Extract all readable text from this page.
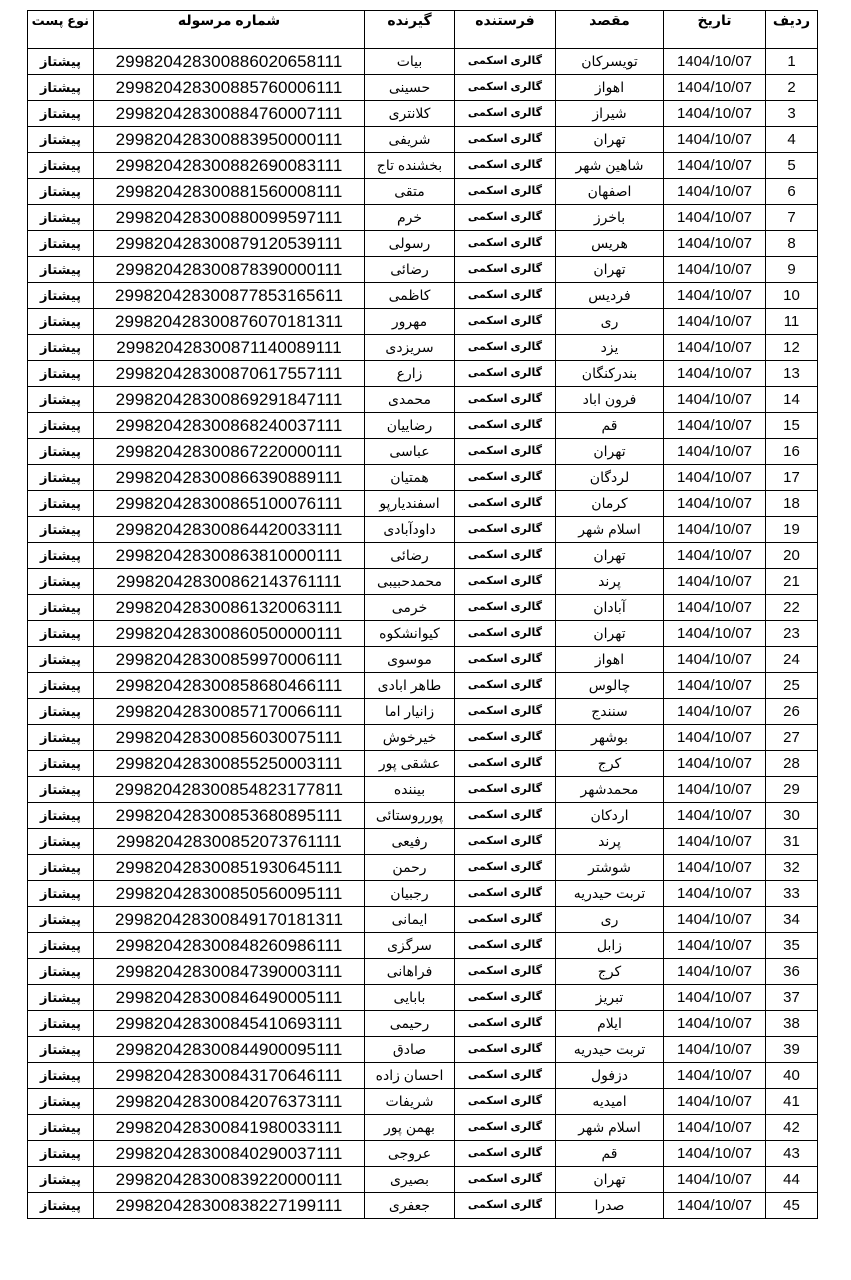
ردیف	تاریخ	مقصد	فرستنده	گیرنده	شماره مرسوله	نوع پست
1	1404/10/07	تویسرکان	گالری اسکمی	بیات	299820428300886020658111	پیشتاز
2	1404/10/07	اهواز	گالری اسکمی	حسینی	299820428300885760006111	پیشتاز
3	1404/10/07	شیراز	گالری اسکمی	کلانتری	299820428300884760007111	پیشتاز
4	1404/10/07	تهران	گالری اسکمی	شریفی	299820428300883950000111	پیشتاز
5	1404/10/07	شاهین شهر	گالری اسکمی	بخشنده تاج	299820428300882690083111	پیشتاز
6	1404/10/07	اصفهان	گالری اسکمی	متقی	299820428300881560008111	پیشتاز
7	1404/10/07	باخرز	گالری اسکمی	خرم	299820428300880099597111	پیشتاز
8	1404/10/07	هریس	گالری اسکمی	رسولی	299820428300879120539111	پیشتاز
9	1404/10/07	تهران	گالری اسکمی	رضائی	299820428300878390000111	پیشتاز
10	1404/10/07	فردیس	گالری اسکمی	کاظمی	299820428300877853165611	پیشتاز
11	1404/10/07	ری	گالری اسکمی	مهرور	299820428300876070181311	پیشتاز
12	1404/10/07	یزد	گالری اسکمی	سریزدی	299820428300871140089111	پیشتاز
13	1404/10/07	بندرکنگان	گالری اسکمی	زارع	299820428300870617557111	پیشتاز
14	1404/10/07	فرون اباد	گالری اسکمی	محمدی	299820428300869291847111	پیشتاز
15	1404/10/07	قم	گالری اسکمی	رضاییان	299820428300868240037111	پیشتاز
16	1404/10/07	تهران	گالری اسکمی	عباسی	299820428300867220000111	پیشتاز
17	1404/10/07	لردگان	گالری اسکمی	همتیان	299820428300866390889111	پیشتاز
18	1404/10/07	کرمان	گالری اسکمی	اسفندیارپو	299820428300865100076111	پیشتاز
19	1404/10/07	اسلام شهر	گالری اسکمی	داودآبادی	299820428300864420033111	پیشتاز
20	1404/10/07	تهران	گالری اسکمی	رضائی	299820428300863810000111	پیشتاز
21	1404/10/07	پرند	گالری اسکمی	محمدحبیبی	299820428300862143761111	پیشتاز
22	1404/10/07	آبادان	گالری اسکمی	خرمی	299820428300861320063111	پیشتاز
23	1404/10/07	تهران	گالری اسکمی	کیوانشکوه	299820428300860500000111	پیشتاز
24	1404/10/07	اهواز	گالری اسکمی	موسوی	299820428300859970006111	پیشتاز
25	1404/10/07	چالوس	گالری اسکمی	طاهر ابادی	299820428300858680466111	پیشتاز
26	1404/10/07	سنندج	گالری اسکمی	زانیار اما	299820428300857170066111	پیشتاز
27	1404/10/07	بوشهر	گالری اسکمی	خیرخوش	299820428300856030075111	پیشتاز
28	1404/10/07	کرج	گالری اسکمی	عشقی پور	299820428300855250003111	پیشتاز
29	1404/10/07	محمدشهر	گالری اسکمی	بیننده	299820428300854823177811	پیشتاز
30	1404/10/07	اردکان	گالری اسکمی	پورروستائی	299820428300853680895111	پیشتاز
31	1404/10/07	پرند	گالری اسکمی	رفیعی	299820428300852073761111	پیشتاز
32	1404/10/07	شوشتر	گالری اسکمی	رحمن	299820428300851930645111	پیشتاز
33	1404/10/07	تربت حیدریه	گالری اسکمی	رجبیان	299820428300850560095111	پیشتاز
34	1404/10/07	ری	گالری اسکمی	ایمانی	299820428300849170181311	پیشتاز
35	1404/10/07	زابل	گالری اسکمی	سرگزی	299820428300848260986111	پیشتاز
36	1404/10/07	کرج	گالری اسکمی	فراهانی	299820428300847390003111	پیشتاز
37	1404/10/07	تبریز	گالری اسکمی	بابایی	299820428300846490005111	پیشتاز
38	1404/10/07	ایلام	گالری اسکمی	رحیمی	299820428300845410693111	پیشتاز
39	1404/10/07	تربت حیدریه	گالری اسکمی	صادق	299820428300844900095111	پیشتاز
40	1404/10/07	دزفول	گالری اسکمی	احسان زاده	299820428300843170646111	پیشتاز
41	1404/10/07	امیدیه	گالری اسکمی	شریفات	299820428300842076373111	پیشتاز
42	1404/10/07	اسلام شهر	گالری اسکمی	بهمن پور	299820428300841980033111	پیشتاز
43	1404/10/07	قم	گالری اسکمی	عروجی	299820428300840290037111	پیشتاز
44	1404/10/07	تهران	گالری اسکمی	بصیری	299820428300839220000111	پیشتاز
45	1404/10/07	صدرا	گالری اسکمی	جعفری	299820428300838227199111	پیشتاز
